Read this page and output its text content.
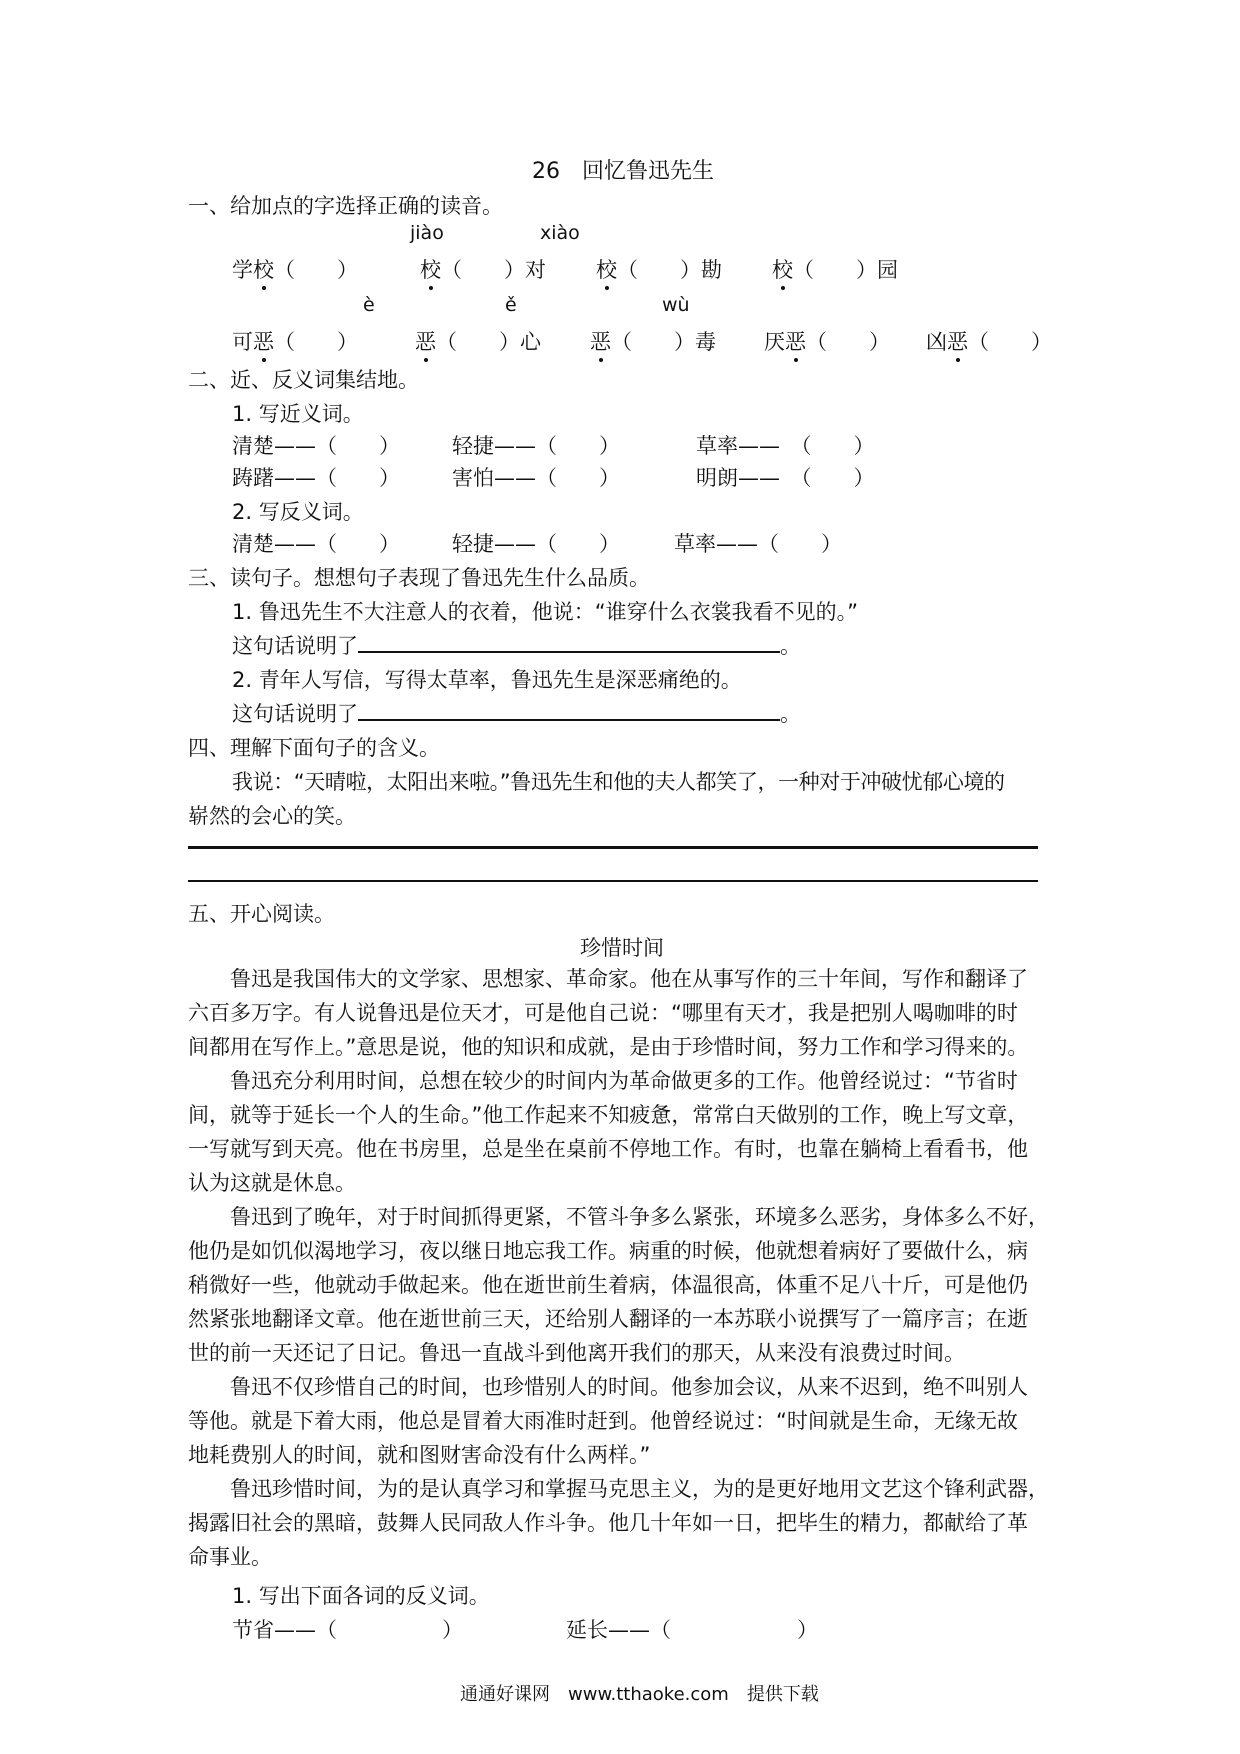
26　回忆鲁迅先生
一、给加点的字选择正确的读音。
jiào	xiào
学校（　　）	校（　　）对 校（　　）勘 校（　　）园
è	ě	wù
可恶（　　）	恶（　　）心 恶（　　）毒 厌恶（　　） 凶恶（　　）
二、近、反义词集结地。
1. 写近义词。
清楚——（　　） 轻捷——（　　）	草率——　（　　）
踌躇——（　　） 害怕——（　　）	明朗——　（　　）
2. 写反义词。
清楚——（　　） 轻捷——（　　）	草率——（　　）
三、读句子。想想句子表现了鲁迅先生什么品质。
1. 鲁迅先生不大注意人的衣着，他说：“谁穿什么衣裳我看不见的。”
这句话说明了	。
2. 青年人写信，写得太草率，鲁迅先生是深恶痛绝的。
这句话说明了	。
四、理解下面句子的含义。
我说：“天晴啦，太阳出来啦。”鲁迅先生和他的夫人都笑了，一种对于冲破忧郁心境的
崭然的会心的笑。
五、开心阅读。
珍惜时间
鲁迅是我国伟大的文学家、思想家、革命家。他在从事写作的三十年间，写作和翻译了
六百多万字。有人说鲁迅是位天才，可是他自己说：“哪里有天才，我是把别人喝咖啡的时
间都用在写作上。”意思是说，他的知识和成就，是由于珍惜时间，努力工作和学习得来的。
鲁迅充分利用时间，总想在较少的时间内为革命做更多的工作。他曾经说过：“节省时
间，就等于延长一个人的生命。”他工作起来不知疲惫，常常白天做别的工作，晚上写文章，
一写就写到天亮。他在书房里，总是坐在桌前不停地工作。有时，也靠在躺椅上看看书，他
认为这就是休息。
鲁迅到了晚年，对于时间抓得更紧，不管斗争多么紧张，环境多么恶劣，身体多么不好，
他仍是如饥似渴地学习，夜以继日地忘我工作。病重的时候，他就想着病好了要做什么，病
稍微好一些，他就动手做起来。他在逝世前生着病，体温很高，体重不足八十斤，可是他仍
然紧张地翻译文章。他在逝世前三天，还给别人翻译的一本苏联小说撰写了一篇序言；在逝
世的前一天还记了日记。鲁迅一直战斗到他离开我们的那天，从来没有浪费过时间。
鲁迅不仅珍惜自己的时间，也珍惜别人的时间。他参加会议，从来不迟到，绝不叫别人
等他。就是下着大雨，他总是冒着大雨准时赶到。他曾经说过：“时间就是生命，无缘无故
地耗费别人的时间，就和图财害命没有什么两样。”
鲁迅珍惜时间，为的是认真学习和掌握马克思主义，为的是更好地用文艺这个锋利武器，
揭露旧社会的黑暗，鼓舞人民同敌人作斗争。他几十年如一日，把毕生的精力，都献给了革
命事业。
1. 写出下面各词的反义词。
节省——（　　　　　）	延长——（　　　　　　）
通通好课网　www.tthaoke.com　提供下载
